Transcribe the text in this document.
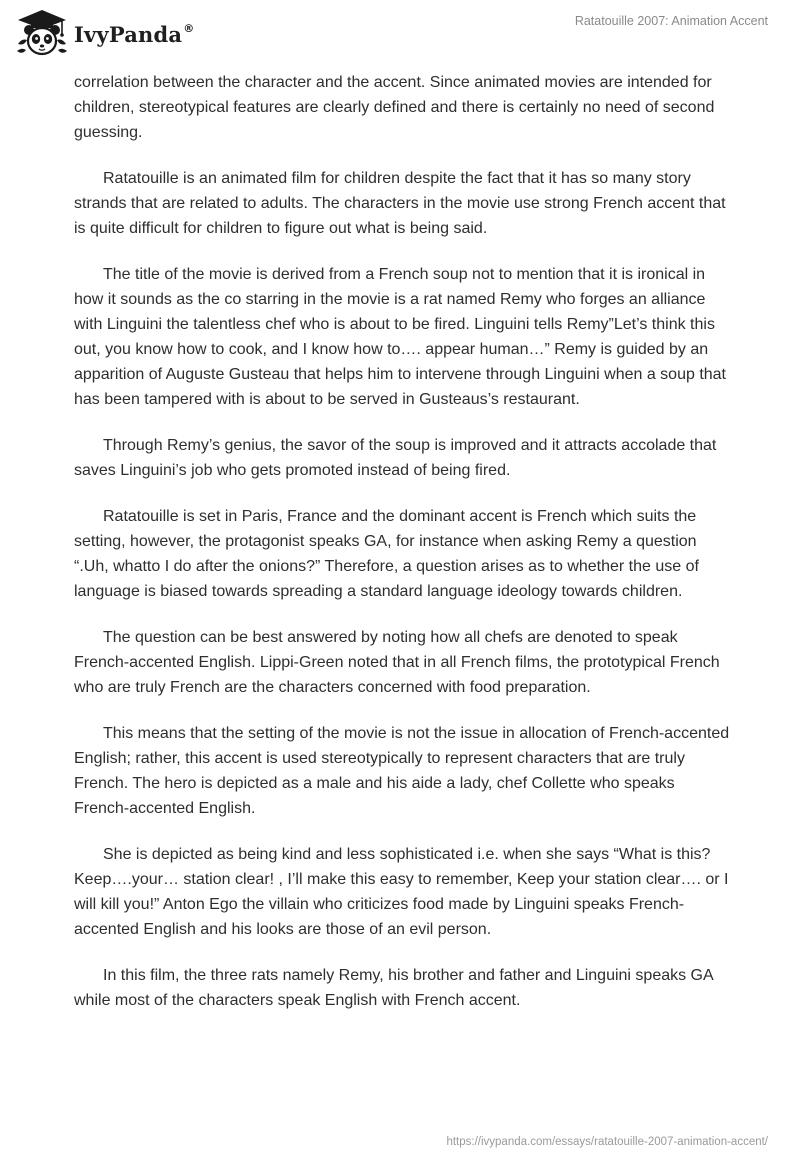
IvyPanda®	Ratatouille 2007: Animation Accent

correlation between the character and the accent. Since animated movies are intended for children, stereotypical features are clearly defined and there is certainly no need of second guessing.

Ratatouille is an animated film for children despite the fact that it has so many story strands that are related to adults. The characters in the movie use strong French accent that is quite difficult for children to figure out what is being said.

The title of the movie is derived from a French soup not to mention that it is ironical in how it sounds as the co starring in the movie is a rat named Remy who forges an alliance with Linguini the talentless chef who is about to be fired. Linguini tells Remy”Let’s think this out, you know how to cook, and I know how to…. appear human…” Remy is guided by an apparition of Auguste Gusteau that helps him to intervene through Linguini when a soup that has been tampered with is about to be served in Gusteaus’s restaurant.

Through Remy’s genius, the savor of the soup is improved and it attracts accolade that saves Linguini’s job who gets promoted instead of being fired.

Ratatouille is set in Paris, France and the dominant accent is French which suits the setting, however, the protagonist speaks GA, for instance when asking Remy a question “.Uh, whatto I do after the onions?” Therefore, a question arises as to whether the use of language is biased towards spreading a standard language ideology towards children.

The question can be best answered by noting how all chefs are denoted to speak French-accented English. Lippi-Green noted that in all French films, the prototypical French who are truly French are the characters concerned with food preparation.

This means that the setting of the movie is not the issue in allocation of French-accented English; rather, this accent is used stereotypically to represent characters that are truly French. The hero is depicted as a male and his aide a lady, chef Collette who speaks French-accented English.

She is depicted as being kind and less sophisticated i.e. when she says “What is this? Keep….your… station clear! , I’ll make this easy to remember, Keep your station clear…. or I will kill you!” Anton Ego the villain who criticizes food made by Linguini speaks French-accented English and his looks are those of an evil person.

In this film, the three rats namely Remy, his brother and father and Linguini speaks GA while most of the characters speak English with French accent.

https://ivypanda.com/essays/ratatouille-2007-animation-accent/
